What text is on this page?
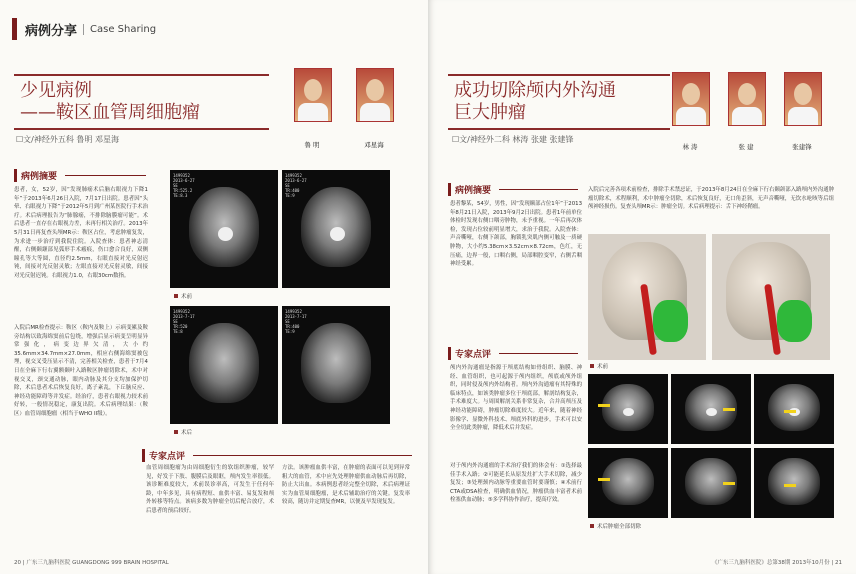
病例分享	Case Sharing
少见病例
——鞍区血管周细胞瘤
☐文/神经外五科 鲁明 邓星海
鲁 明	邓星海
病例摘要
患者，女，52岁，因“发现肺癌术后脑右眼视力下降1年”于2013年6月26日入院，7月17日出院。患者因“头晕、右眼视力下降”于2012年5月到广州某医院行手术治疗。术后病理报告为“肺腺癌，不排除脑膜瘤可能”。术后患者一直存在右眼视力差，未再行相关治疗。2013年5月31日再复查头颅MR示：鞍区占位，考虑肿瘤复发，为求进一步治疗到我院住院。入院查体：患者神志清醒，右侧颞颥部见弧形手术瘢痕，伤口愈合良好，双侧瞳孔等大等圆，直径约2.5mm，右眼直接对光反射迟钝，间接对光反射灵敏；左眼直接对光反射灵敏，间接对光反射迟钝。右眼视力1.0，右眼30cm数指。
入院后MR检查提示：鞍区（鞍内及鞍上）示病变累及鞍旁结构以致海绵窦前后包绕，增强后显示病变呈明显异常强化，病变边界欠清，大小约35.6mm×34.7mm×27.0mm，相应右侧海绵窦被包埋，视交叉受压显示不清，完善相关检查，患者于7月4日在全麻下行右翼额颞叶入路鞍区肿瘤切除术，术中对视交叉，颈交通动脉，眼内动脉及其分支均加保护切除，术后患者术后恢复良好，离子紊乱，下丘脑反应、神经功能障碍等并发症。经治疗，患者右眼视力较术前好转，一般情况稳定，康复出院。术后病理结果：（鞍区）血管周细胞瘤（相当于WHO II级）。
1499352
2013-6-27
SE
TR:525.2
TE:8.3
1499352
2013-6-27
SE
TR:400
TE:9
术前
1499352
2013-7-17
SE
TR:520
TE:8
1499352
2013-7-17
SE
TR:400
TE:9
术后
专家点评
血管周细胞瘤为由周细胞衍生的软组织肿瘤，较罕见，好发于下肢、腹膜后及眼眶，颅内发生率很低。该诊断难度较大，术前误诊率高，可发生于任何年龄，中年多见，具有病程短、血供丰富、易复发和颅外转移等特点。该病多数为肿瘤全切后配合放疗，术后患者的预后较好。
方法。该肿瘤血供丰富，在肿瘤的表面可以见到异常粗大的血管，术中应先处理肿瘤供血动脉后再切除，防止大出血。本病例患者经完整全切除，术后病理证实为血管周细胞瘤，是术后辅助治疗的关键。复发率较高，随访并定期复查MR，以便及早发现复发。
20 | 广东三九脑科医院 GUANGDONG 999 BRAIN HOSPITAL
成功切除颅内外沟通
巨大肿瘤
☐文/神经外二科 林涛 张建 张建锋
林 涛	张 建	张建锋
病例摘要
患者黎某，54岁，男性，因“发现颞部占位1年”于2013年8月21日入院，2013年9月2日出院。患者1年前单位体检时发现右侧口咽旁肿物，未予重视。一年后再次体检，发现占位较前明显增大，求治于我院。入院查体：声音嘶哑，右侧下颌部，胸锁乳突肌内侧可触及一质硬肿物，大小约5.38cm×3.52cm×8.72cm，色红，无压痛，边界一般，口咽右侧，局部咽腔变窄，右侧舌咽神经受累。
入院后完善各项术前检查，排除手术禁忌证，于2013年8月24日在全麻下行右颞颌部入路颅内外沟通肿瘤切除术，术程顺利，术中肿瘤全切除，术后恢复良好，无口角歪斜，无声音嘶哑，无饮水呛咳等后组颅神经损伤。复查头颅MR示：肿瘤全切。术后病理提示：舌下神经鞘瘤。
术前
专家点评
颅内外沟通瘤是指源于颅底结构如骨组织、脑膜、神经、血管组织，也可起源于颅内组织，颅底或颅外组织，同时侵及颅内外结构者。颅内外沟通瘤有其特殊的临床特点，如该类肿瘤多位于颅底部，解剖结构复杂，手术难度大。与周围解剖关系非常复杂，合并高颅压及神经功能障碍，肿瘤切除难度较大。近年来，随着神经影像学、显微外科技术、颅底外科的进步，手术可以安全全切此类肿瘤，降低术后并发症。
对于颅内外沟通瘤的手术治疗我们的体会有：①选择最佳手术入路；②可能延长从原发灶扩大手术切除，减少复发；③处理颈内动脉等重要血管时要谨慎；④术前行CTA或DSA检查，明确供血情况，肿瘤供血丰富者术前栓塞供血动脉；⑤多学科协作治疗，提高疗效。
术后肿瘤全部切除
《广东三九脑科医院》总第38期 2013年10月份 | 21
